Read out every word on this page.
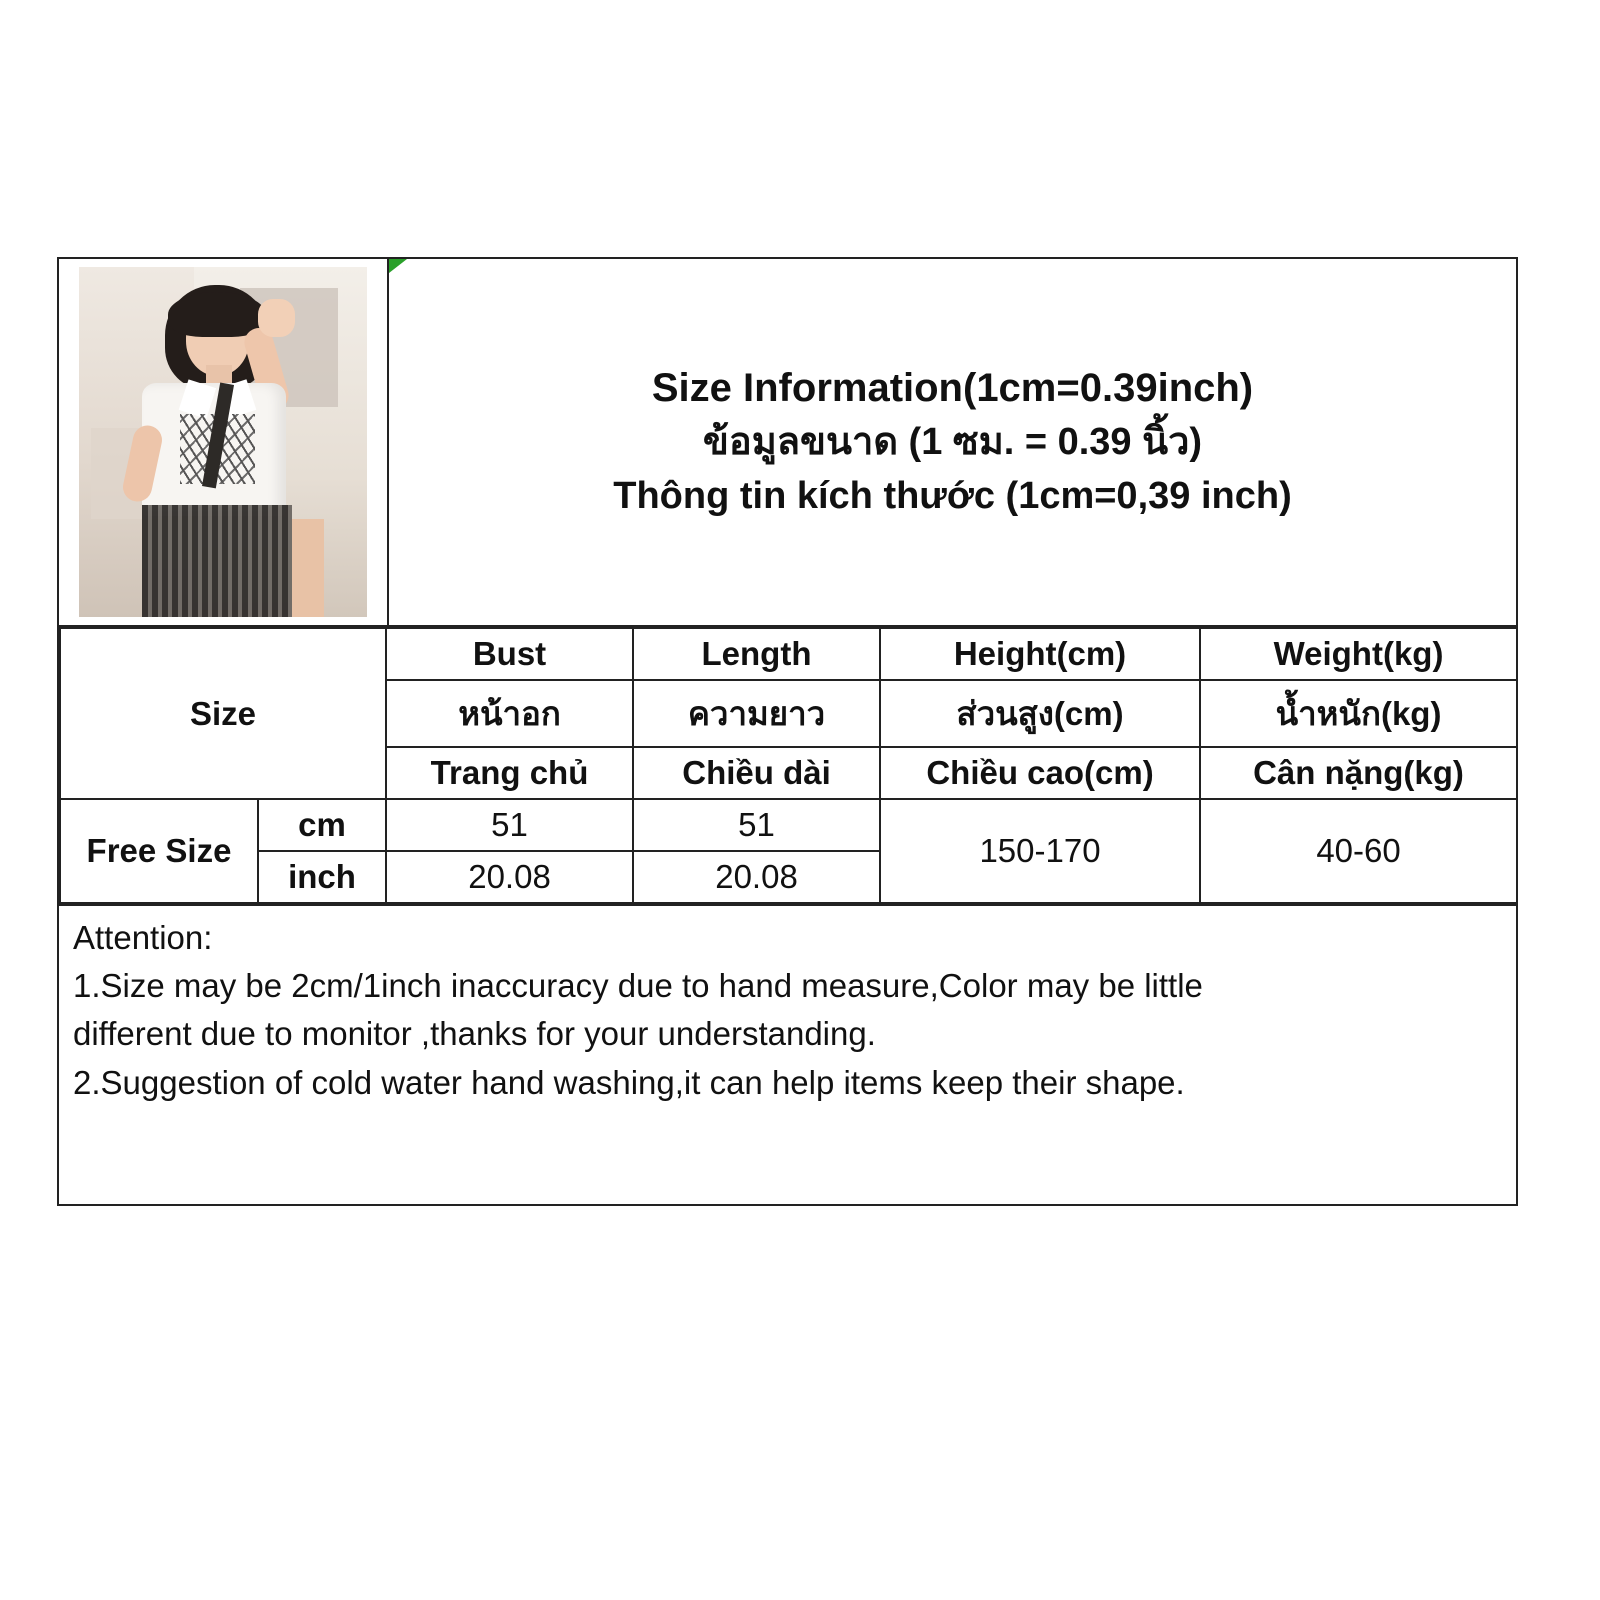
Size Information(1cm=0.39inch)
ข้อมูลขนาด (1 ซม. = 0.39 นิ้ว)
Thông tin kích thước (1cm=0,39 inch)
Size		Bust	Length	Height(cm)	Weight(kg)
		หน้าอก	ความยาว	ส่วนสูง(cm)	น้ำหนัก(kg)
		Trang chủ	Chiều dài	Chiều cao(cm)	Cân nặng(kg)
Free Size	cm	51	51	150-170	40-60
	inch	20.08	20.08		

Attention:

1.Size may be 2cm/1inch inaccuracy due to hand measure,Color may be little

different due to monitor ,thanks for your understanding.

2.Suggestion of cold water hand washing,it can help items keep their shape.
